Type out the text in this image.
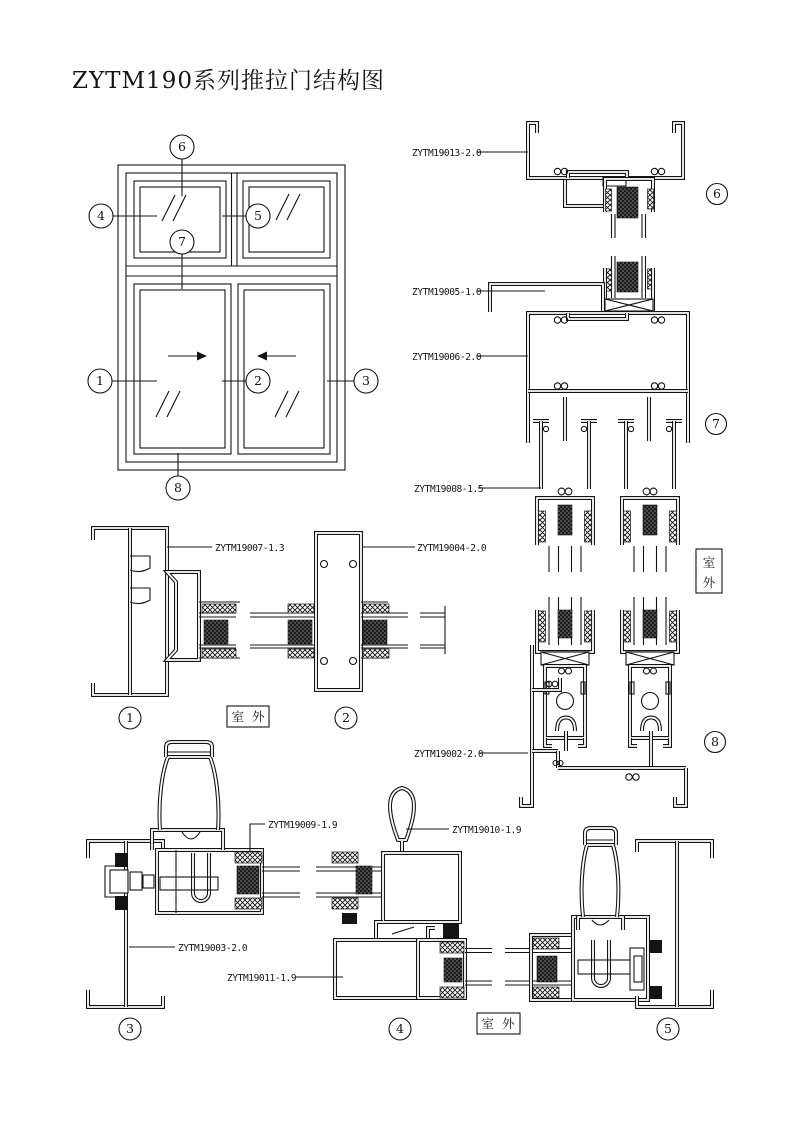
ZYTM190系列推拉门结构图
6
4	5
7
1	2	3
8
ZYTM19013-2.0
6
ZYTM19005-1.0
ZYTM19006-2.0
7
ZYTM19008-1.5
室
外
ZYTM19002-2.0
8
ZYTM19007-1.3
1	室 外
ZYTM19004-2.0
2
ZYTM19009-1.9
ZYTM19003-2.0
3
ZYTM19010-1.9
ZYTM19011-1.9
4	室 外	5
